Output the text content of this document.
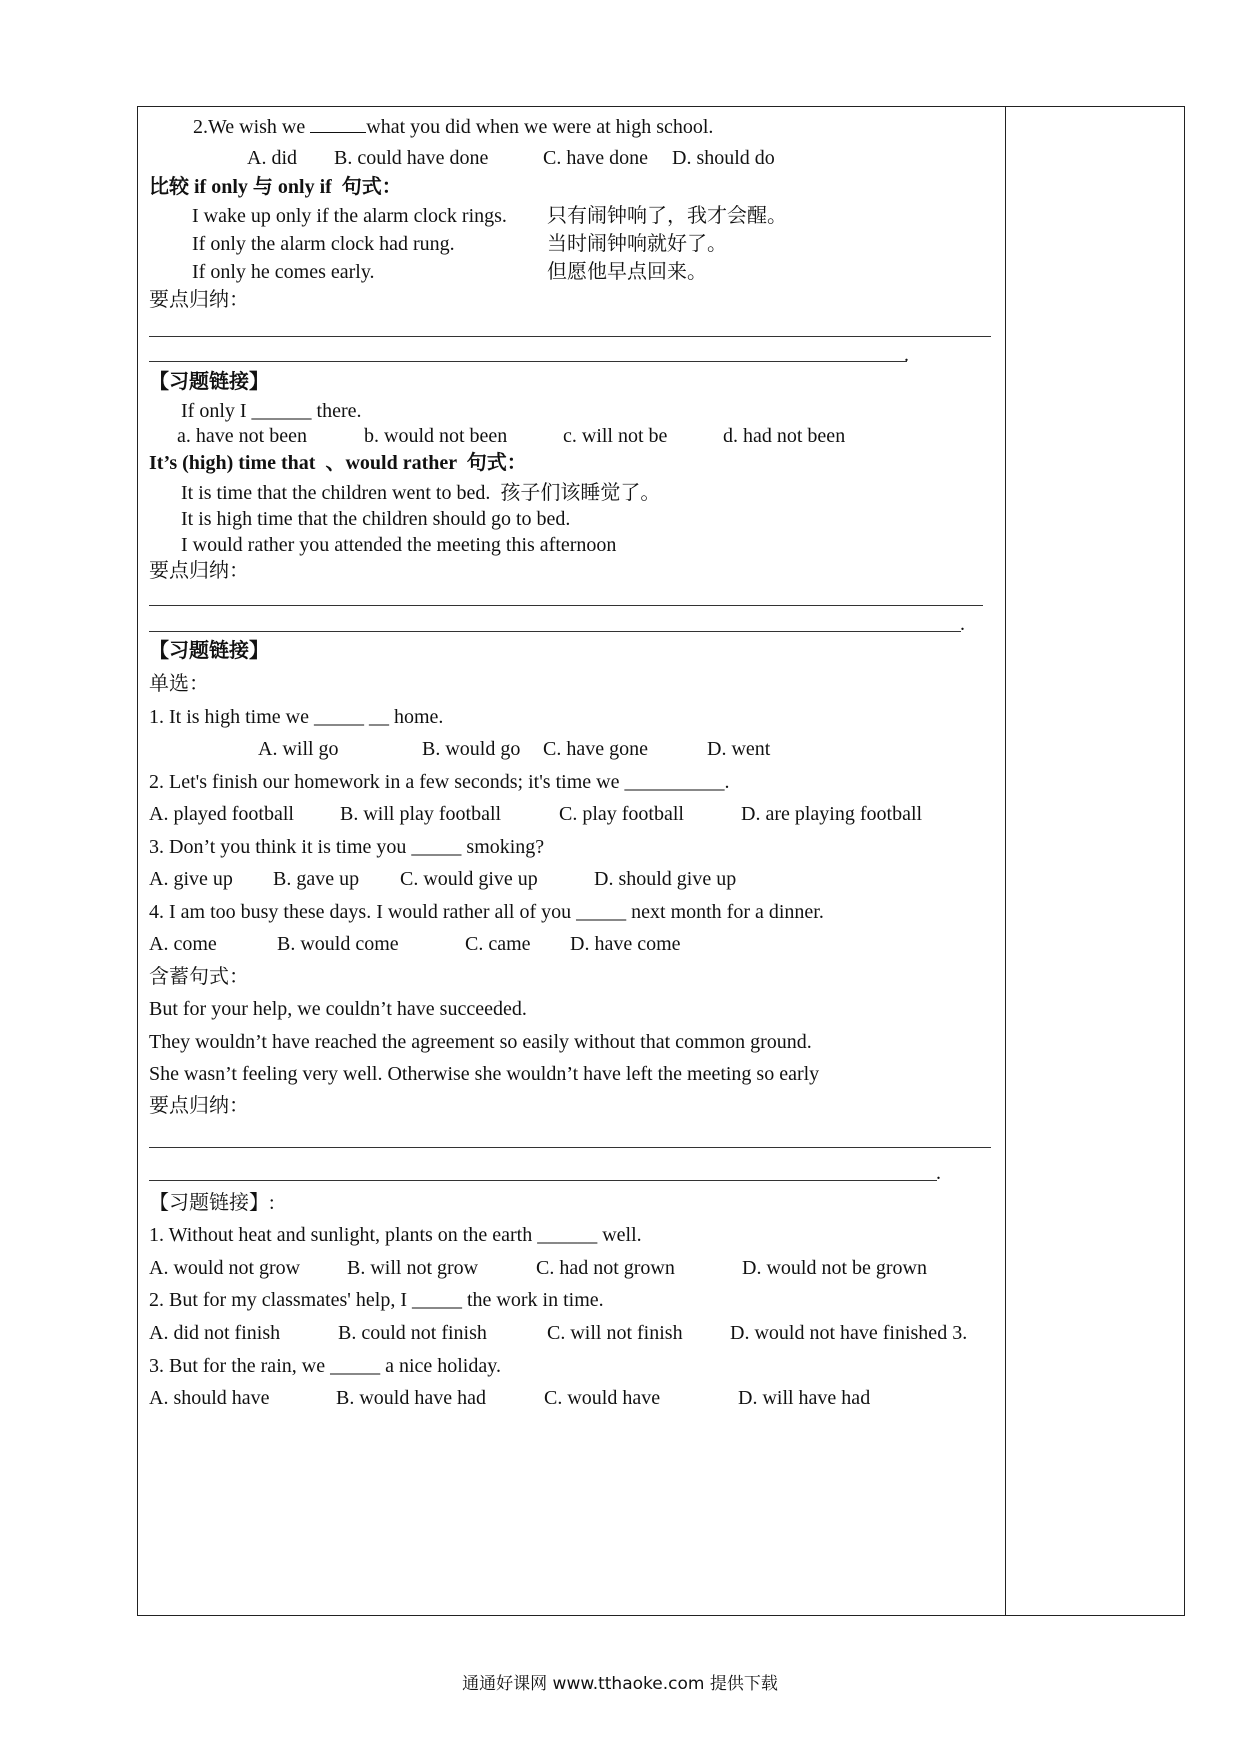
2.We wish we	what you did when we were at high school.
A. did B. could have done	C. have done D. should do
比较 if only 与 only if  句式：
I wake up only if the alarm clock rings. 只有闹钟响了，我才会醒。
If only the alarm clock had rung.	当时闹钟响就好了。
If only he comes early.	但愿他早点回来。
要点归纳：
.
【习题链接】
If only I ______ there.
a. have not been	b. would not been	c. will not be	d. had not been
It’s (high) time that  、would rather  句式：
It is time that the children went to bed.  孩子们该睡觉了。
It is high time that the children should go to bed.
I would rather you attended the meeting this afternoon
要点归纳：
.
【习题链接】
单选：
1. It is high time we _____ __ home.
A. will go	B. would go C. have gone	D. went
2. Let's finish our homework in a few seconds; it's time we __________.
A. played football B. will play football	C. play football	D. are playing football
3. Don’t you think it is time you _____ smoking?
A. give up B. gave up C. would give up	D. should give up
4. I am too busy these days. I would rather all of you _____ next month for a dinner.
A. come	B. would come	C. came D. have come
含蓄句式：
But for your help, we couldn’t have succeeded.
They wouldn’t have reached the agreement so easily without that common ground.
She wasn’t feeling very well. Otherwise she wouldn’t have left the meeting so early
要点归纳：
.
【习题链接】:
1. Without heat and sunlight, plants on the earth ______ well.
A. would not grow B. will not grow	C. had not grown	D. would not be grown
2. But for my classmates' help, I _____ the work in time.
A. did not finish	B. could not finish	C. will not finish D. would not have finished 3.
3. But for the rain, we _____ a nice holiday.
A. should have	B. would have had	C. would have	D. will have had
通通好课网 www.tthaoke.com 提供下载
